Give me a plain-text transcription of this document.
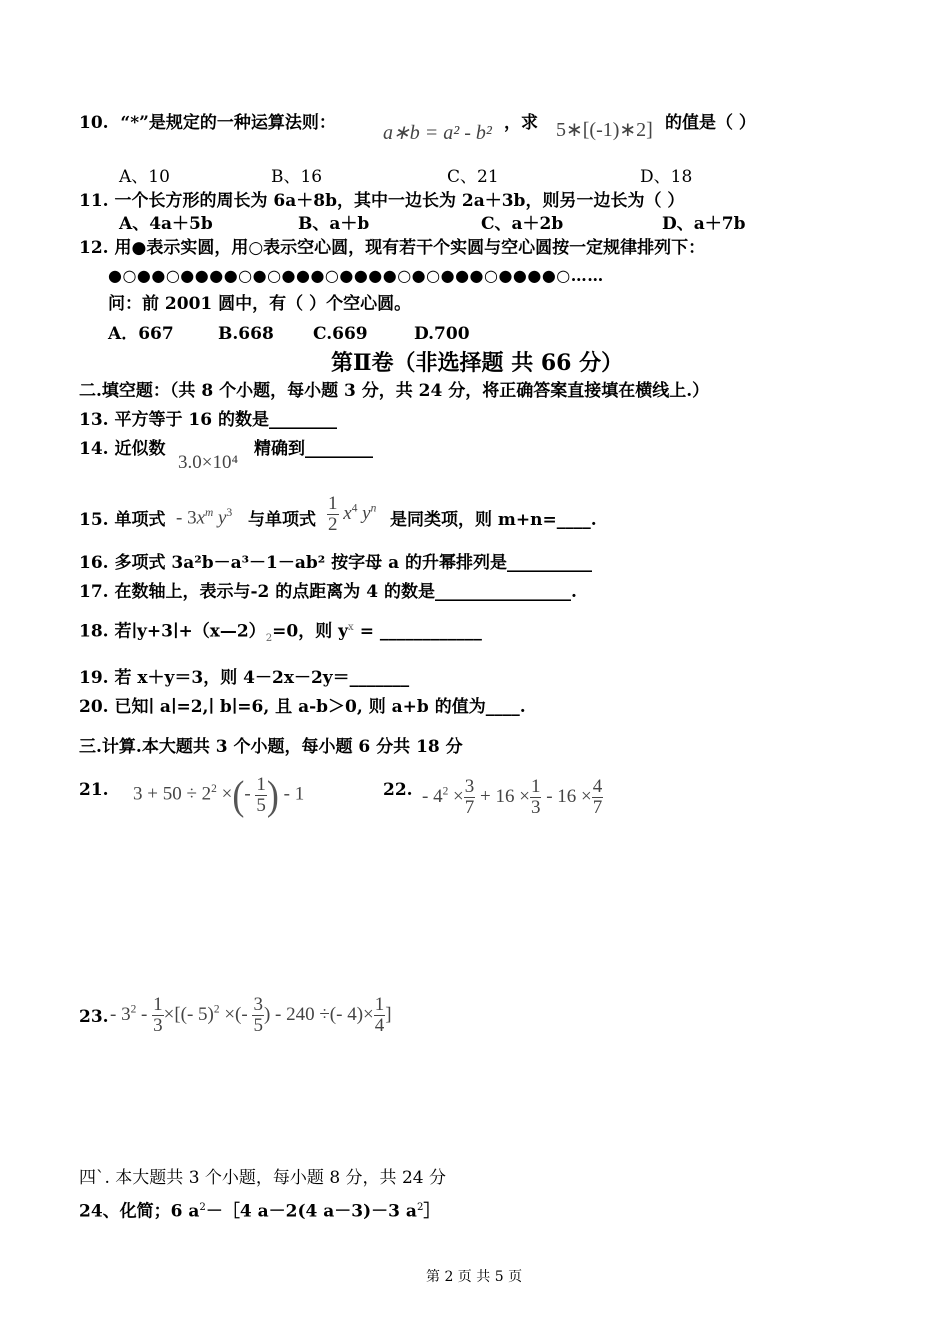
10. “*”是规定的一种运算法则： a∗b = a² - b² ，求 5∗[(-1)∗2] 的值是（ ）
A、10	B、16	C、21	D、18
11. 一个长方形的周长为 6a＋8b，其中一边长为 2a＋3b，则另一边长为（ ）
A、4a＋5b	B、a＋b	C、a＋2b	D、a＋7b
12. 用●表示实圆，用○表示空心圆，现有若干个实圆与空心圆按一定规律排列下：
●○●●○●●●●○●○●●●○●●●●○●○●●●○●●●●○……
问：前 2001 圆中，有（ ）个空心圆。
A．667	B.668 C.669	D.700
第Ⅱ卷（非选择题 共 66 分）
二.填空题：（共 8 个小题，每小题 3 分，共 24 分，将正确答案直接填在横线上.）
13. 平方等于 16 的数是________
14. 近似数
3.0×10⁴
精确到________
15. 单项式 - $3x^m$ $y^3$ 与单项式 $\frac{1}{2} x^4$ $y^n$
是同类项，则 m+n=____.
16. 多项式 3a²b－a³－1－ab² 按字母 a 的升幂排列是__________
17. 在数轴上，表示与-2 的点距离为 4 的数是________________.
18. 若$∣y+3∣+(x—2)_2=0$，则 $y^x$ = ____________
19. 若 x＋y＝3，则 4－2x－2y＝_______
20. 已知∣ a∣=2,∣ b∣=6, 且 a-b＞0, 则 a+b 的值为____.
三.计算.本大题共 3 个小题，每小题 6 分共 18 分
21. $3 + 50 \div 2^2$ ×(- $\frac{1}{5}$ ) - 1	22. - $4^2 \times \frac{3}{7} + 16 \times \frac{1}{3} - 16 \times \frac{4}{7}$
23. - $3^2 - \frac{1}{3}$ ×[(- 5)$^2$ ×(- $\frac{3}{5}$ ) - 240 ÷(- $4)\times \frac{1}{4}$ ]
四`. 本大题共 3 个小题，每小题 8 分，共 24 分
24、化简；6 $a^2-[4$ a－2(4 a－3)－3 $a^2]$
第 2 页 共 5 页
